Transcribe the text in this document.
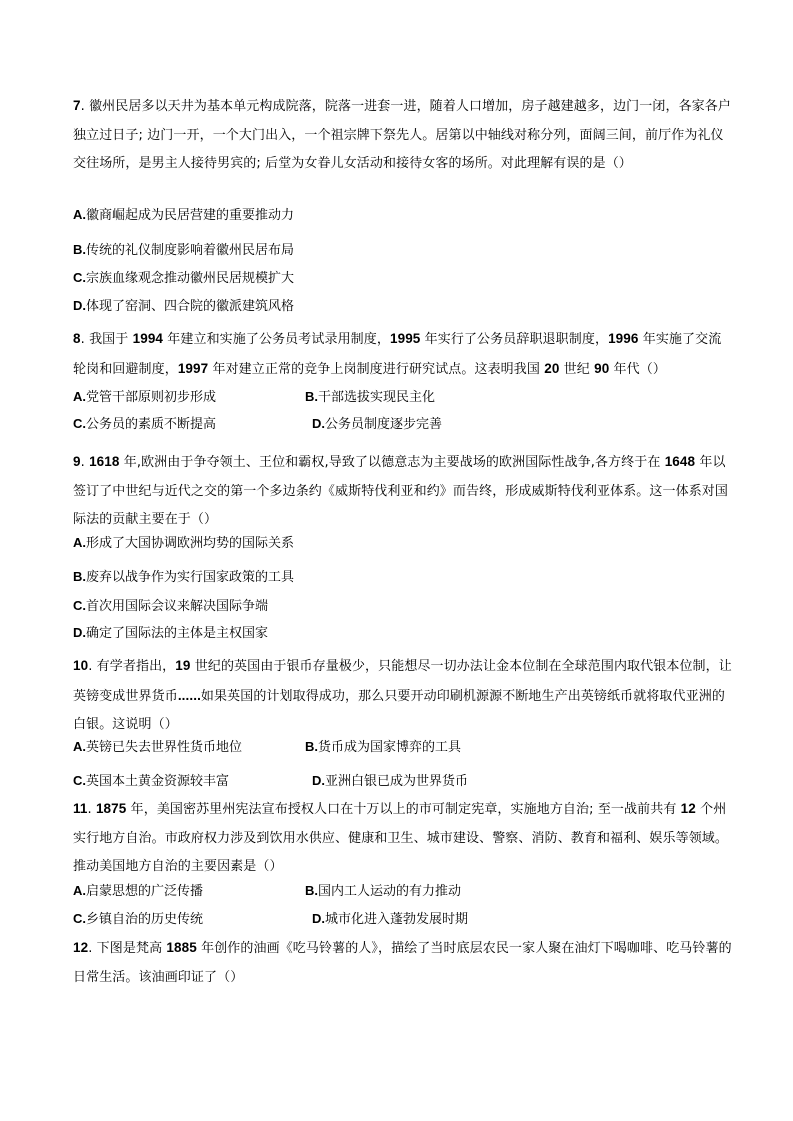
7. 徽州民居多以天井为基本单元构成院落，院落一进套一进，随着人口增加，房子越建越多，边门一闭，各家各户独立过日子; 边门一开，一个大门出入，一个祖宗牌下祭先人。居第以中轴线对称分列，面阔三间，前厅作为礼仪交往场所，是男主人接待男宾的; 后堂为女眷儿女活动和接待女客的场所。对此理解有误的是（）

A.徽商崛起成为民居营建的重要推动力

B.传统的礼仪制度影响着徽州民居布局

C.宗族血缘观念推动徽州民居规模扩大

D.体现了窑洞、四合院的徽派建筑风格

8. 我国于 1994 年建立和实施了公务员考试录用制度，1995 年实行了公务员辞职退职制度，1996 年实施了交流轮岗和回避制度，1997 年对建立正常的竞争上岗制度进行研究试点。这表明我国 20 世纪 90 年代（）

A.党管干部原则初步形成	B.干部选拔实现民主化

C.公务员的素质不断提高	D.公务员制度逐步完善

9. 1618 年,欧洲由于争夺领土、王位和霸权,导致了以德意志为主要战场的欧洲国际性战争,各方终于在 1648 年以签订了中世纪与近代之交的第一个多边条约《威斯特伐利亚和约》而告终，形成威斯特伐利亚体系。这一体系对国际法的贡献主要在于（）

A.形成了大国协调欧洲均势的国际关系

B.废弃以战争作为实行国家政策的工具

C.首次用国际会议来解决国际争端

D.确定了国际法的主体是主权国家

10. 有学者指出，19 世纪的英国由于银币存量极少，只能想尽一切办法让金本位制在全球范围内取代银本位制，让英镑变成世界货币......如果英国的计划取得成功，那么只要开动印刷机源源不断地生产出英镑纸币就将取代亚洲的白银。这说明（）

A.英镑已失去世界性货币地位	B.货币成为国家博弈的工具

C.英国本土黄金资源较丰富	D.亚洲白银已成为世界货币

11. 1875 年，美国密苏里州宪法宣布授权人口在十万以上的市可制定宪章，实施地方自治; 至一战前共有 12 个州实行地方自治。市政府权力涉及到饮用水供应、健康和卫生、城市建设、警察、消防、教育和福利、娱乐等领域。推动美国地方自治的主要因素是（）

A.启蒙思想的广泛传播	B.国内工人运动的有力推动

C.乡镇自治的历史传统	D.城市化进入蓬勃发展时期

12. 下图是梵高 1885 年创作的油画《吃马铃薯的人》，描绘了当时底层农民一家人聚在油灯下喝咖啡、吃马铃薯的日常生活。该油画印证了（）
